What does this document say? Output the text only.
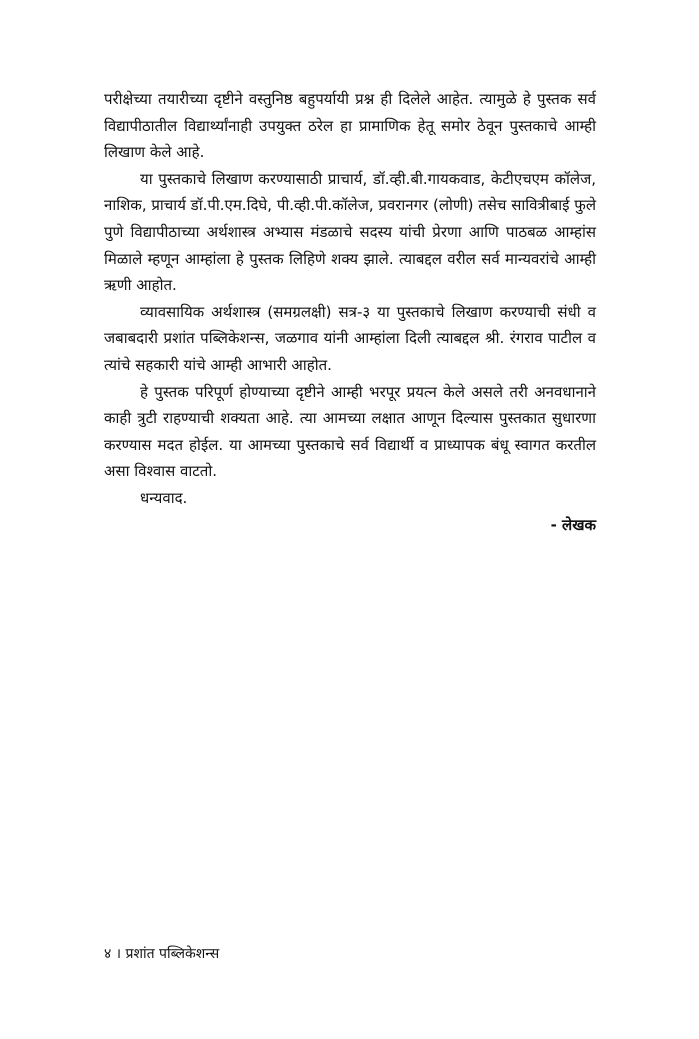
परीक्षेच्या तयारीच्या दृष्टीने वस्तुनिष्ठ बहुपर्यायी प्रश्न ही दिलेले आहेत. त्यामुळे हे पुस्तक सर्व विद्यापीठातील विद्यार्थ्यांनाही उपयुक्त ठरेल हा प्रामाणिक हेतू समोर ठेवून पुस्तकाचे आम्ही लिखाण केले आहे.

या पुस्तकाचे लिखाण करण्यासाठी प्राचार्य, डॉ.व्ही.बी.गायकवाड, केटीएचएम कॉलेज, नाशिक, प्राचार्य डॉ.पी.एम.दिघे, पी.व्ही.पी.कॉलेज, प्रवरानगर (लोणी) तसेच सावित्रीबाई फुले पुणे विद्यापीठाच्या अर्थशास्त्र अभ्यास मंडळाचे सदस्य यांची प्रेरणा आणि पाठबळ आम्हांस मिळाले म्हणून आम्हांला हे पुस्तक लिहिणे शक्य झाले. त्याबद्दल वरील सर्व मान्यवरांचे आम्ही ऋणी आहोत.

व्यावसायिक अर्थशास्त्र (समग्रलक्षी) सत्र-३ या पुस्तकाचे लिखाण करण्याची संधी व जबाबदारी प्रशांत पब्लिकेशन्स, जळगाव यांनी आम्हांला दिली त्याबद्दल श्री. रंगराव पाटील व त्यांचे सहकारी यांचे आम्ही आभारी आहोत.

हे पुस्तक परिपूर्ण होण्याच्या दृष्टीने आम्ही भरपूर प्रयत्न केले असले तरी अनवधानाने काही त्रुटी राहण्याची शक्यता आहे. त्या आमच्या लक्षात आणून दिल्यास पुस्तकात सुधारणा करण्यास मदत होईल. या आमच्या पुस्तकाचे सर्व विद्यार्थी व प्राध्यापक बंधू स्वागत करतील असा विश्वास वाटतो.

धन्यवाद.

- लेखक

४ । प्रशांत पब्लिकेशन्स
